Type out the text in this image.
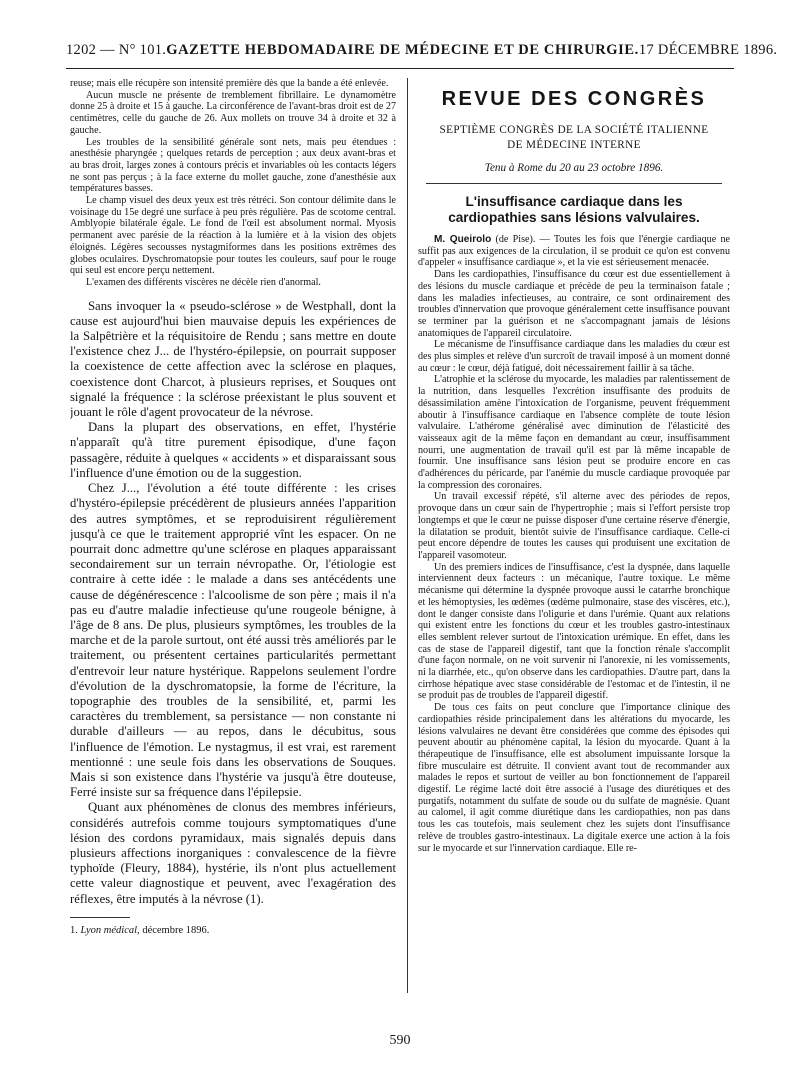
1202 — N° 101. GAZETTE HEBDOMADAIRE DE MÉDECINE ET DE CHIRURGIE. 17 DÉCEMBRE 1896.

reuse; mais elle récupère son intensité première dès que la bande a été enlevée.

Aucun muscle ne présente de tremblement fibrillaire. Le dynamomètre donne 25 à droite et 15 à gauche. La circonférence de l'avant-bras droit est de 27 centimètres, celle du gauche de 26. Aux mollets on trouve 34 à droite et 32 à gauche.

Les troubles de la sensibilité générale sont nets, mais peu étendues : anesthésie pharyngée ; quelques retards de perception ; aux deux avant-bras et au bras droit, larges zones à contours précis et invariables où les contacts légers ne sont pas perçus ; à la face externe du mollet gauche, zone d'anesthésie aux températures basses.

Le champ visuel des deux yeux est très rétréci. Son contour délimite dans le voisinage du 15e degré une surface à peu près régulière. Pas de scotome central. Amblyopie bilatérale égale. Le fond de l'œil est absolument normal. Myosis permanent avec parésie de la réaction à la lumière et à la vision des objets éloignés. Légères secousses nystagmiformes dans les positions extrêmes des globes oculaires. Dyschromatopsie pour toutes les couleurs, sauf pour le rouge qui seul est encore perçu nettement.

L'examen des différents viscères ne décèle rien d'anormal.

Sans invoquer la « pseudo-sclérose » de Westphall, dont la cause est aujourd'hui bien mauvaise depuis les expériences de la Salpêtrière et la réquisitoire de Rendu ; sans mettre en doute l'existence chez J... de l'hystéro-épilepsie, on pourrait supposer la coexistence de cette affection avec la sclérose en plaques, coexistence dont Charcot, à plusieurs reprises, et Souques ont signalé la fréquence : la sclérose préexistant le plus souvent et jouant le rôle d'agent provocateur de la névrose.

Dans la plupart des observations, en effet, l'hystérie n'apparaît qu'à titre purement épisodique, d'une façon passagère, réduite à quelques « accidents » et disparaissant sous l'influence d'une émotion ou de la suggestion.

Chez J..., l'évolution a été toute différente : les crises d'hystéro-épilepsie précédèrent de plusieurs années l'apparition des autres symptômes, et se reproduisirent régulièrement jusqu'à ce que le traitement approprié vînt les espacer. On ne pourrait donc admettre qu'une sclérose en plaques apparaissant secondairement sur un terrain névropathe. Or, l'étiologie est contraire à cette idée : le malade a dans ses antécédents une cause de dégénérescence : l'alcoolisme de son père ; mais il n'a pas eu d'autre maladie infectieuse qu'une rougeole bénigne, à l'âge de 8 ans. De plus, plusieurs symptômes, les troubles de la marche et de la parole surtout, ont été aussi très améliorés par le traitement, ou présentent certaines particularités permettant d'entrevoir leur nature hystérique. Rappelons seulement l'ordre d'évolution de la dyschromatopsie, la forme de l'écriture, la topographie des troubles de la sensibilité, et, parmi les caractères du tremblement, sa persistance — non constante ni durable d'ailleurs — au repos, dans le décubitus, sous l'influence de l'émotion. Le nystagmus, il est vrai, est rarement mentionné : une seule fois dans les observations de Souques. Mais si son existence dans l'hystérie va jusqu'à être douteuse, Ferré insiste sur sa fréquence dans l'épilepsie.

Quant aux phénomènes de clonus des membres inférieurs, considérés autrefois comme toujours symptomatiques d'une lésion des cordons pyramidaux, mais signalés depuis dans plusieurs affections inorganiques : convalescence de la fièvre typhoïde (Fleury, 1884), hystérie, ils n'ont plus actuellement cette valeur diagnostique et peuvent, avec l'exagération des réflexes, être imputés à la névrose (1).

1. Lyon médical, décembre 1896.
REVUE DES CONGRÈS
SEPTIÈME CONGRÈS DE LA SOCIÉTÉ ITALIENNE
DE MÉDECINE INTERNE
Tenu à Rome du 20 au 23 octobre 1896.
L'insuffisance cardiaque dans les cardiopathies sans lésions valvulaires.

M. Queirolo (de Pise). — Toutes les fois que l'énergie cardiaque ne suffit pas aux exigences de la circulation, il se produit ce qu'on est convenu d'appeler « insuffisance cardiaque », et la vie est sérieusement menacée.

Dans les cardiopathies, l'insuffisance du cœur est due essentiellement à des lésions du muscle cardiaque et précède de peu la terminaison fatale ; dans les maladies infectieuses, au contraire, ce sont ordinairement des troubles d'innervation que provoque généralement cette insuffisance pouvant se terminer par la guérison et ne s'accompagnant jamais de lésions anatomiques de l'appareil circulatoire.

Le mécanisme de l'insuffisance cardiaque dans les maladies du cœur est des plus simples et relève d'un surcroît de travail imposé à un moment donné au cœur : le cœur, déjà fatigué, doit nécessairement faillir à sa tâche.

L'atrophie et la sclérose du myocarde, les maladies par ralentissement de la nutrition, dans lesquelles l'excrétion insuffisante des produits de désassimilation amène l'intoxication de l'organisme, peuvent fréquemment aboutir à l'insuffisance cardiaque en l'absence complète de toute lésion valvulaire. L'athérome généralisé avec diminution de l'élasticité des vaisseaux agit de la même façon en demandant au cœur, insuffisamment nourri, une augmentation de travail qu'il est par là même incapable de fournir. Une insuffisance sans lésion peut se produire encore en cas d'adhérences du péricarde, par l'anémie du muscle cardiaque provoquée par la compression des coronaires.

Un travail excessif répété, s'il alterne avec des périodes de repos, provoque dans un cœur sain de l'hypertrophie ; mais si l'effort persiste trop longtemps et que le cœur ne puisse disposer d'une certaine réserve d'énergie, la dilatation se produit, bientôt suivie de l'insuffisance cardiaque. Celle-ci peut encore dépendre de toutes les causes qui produisent une excitation de l'appareil vasomoteur.

Un des premiers indices de l'insuffisance, c'est la dyspnée, dans laquelle interviennent deux facteurs : un mécanique, l'autre toxique. Le même mécanisme qui détermine la dyspnée provoque aussi le catarrhe bronchique et les hémoptysies, les œdèmes (œdème pulmonaire, stase des viscères, etc.), dont le danger consiste dans l'oligurie et dans l'urémie. Quant aux relations qui existent entre les fonctions du cœur et les troubles gastro-intestinaux elles semblent relever surtout de l'intoxication urémique. En effet, dans les cas de stase de l'appareil digestif, tant que la fonction rénale s'accomplit d'une façon normale, on ne voit survenir ni l'anorexie, ni les vomissements, ni la diarrhée, etc., qu'on observe dans les cardiopathies. D'autre part, dans la cirrhose hépatique avec stase considérable de l'estomac et de l'intestin, il ne se produit pas de troubles de l'appareil digestif.

De tous ces faits on peut conclure que l'importance clinique des cardiopathies réside principalement dans les altérations du myocarde, les lésions valvulaires ne devant être considérées que comme des épisodes qui peuvent aboutir au phénomène capital, la lésion du myocarde. Quant à la thérapeutique de l'insuffisance, elle est absolument impuissante lorsque la fibre musculaire est détruite. Il convient avant tout de recommander aux malades le repos et surtout de veiller au bon fonctionnement de l'appareil digestif. Le régime lacté doit être associé à l'usage des diurétiques et des purgatifs, notamment du sulfate de soude ou du sulfate de magnésie. Quant au calomel, il agit comme diurétique dans les cardiopathies, non pas dans tous les cas toutefois, mais seulement chez les sujets dont l'insuffisance relève de troubles gastro-intestinaux. La digitale exerce une action à la fois sur le myocarde et sur l'innervation cardiaque. Elle re-

590
